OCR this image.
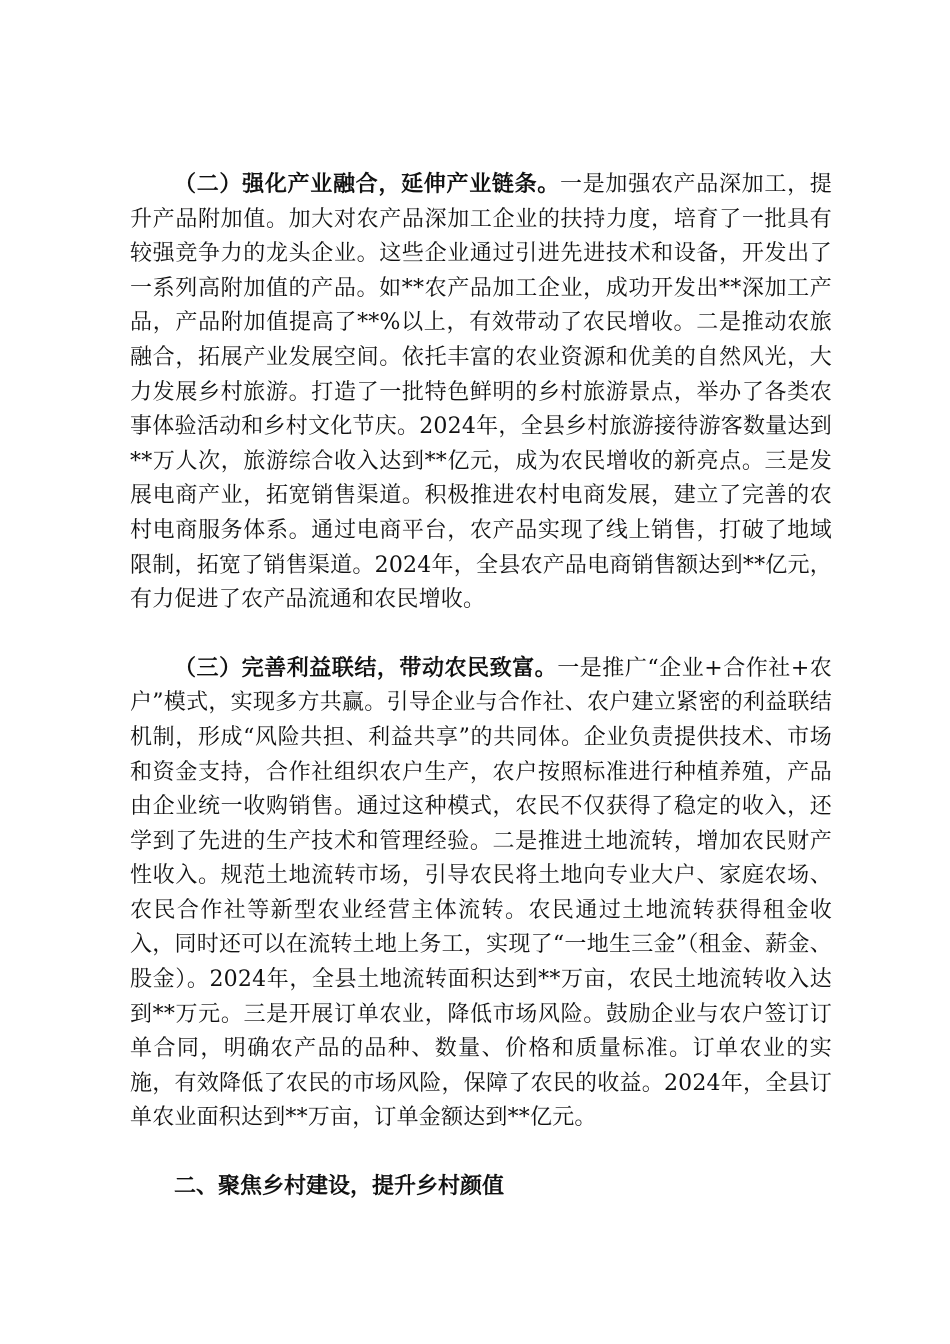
（二）强化产业融合，延伸产业链条。一是加强农产品深加工，提升产品附加值。加大对农产品深加工企业的扶持力度，培育了一批具有较强竞争力的龙头企业。这些企业通过引进先进技术和设备，开发出了一系列高附加值的产品。如**农产品加工企业，成功开发出**深加工产品，产品附加值提高了**%以上，有效带动了农民增收。二是推动农旅融合，拓展产业发展空间。依托丰富的农业资源和优美的自然风光，大力发展乡村旅游。打造了一批特色鲜明的乡村旅游景点，举办了各类农事体验活动和乡村文化节庆。2024年，全县乡村旅游接待游客数量达到**万人次，旅游综合收入达到**亿元，成为农民增收的新亮点。三是发展电商产业，拓宽销售渠道。积极推进农村电商发展，建立了完善的农村电商服务体系。通过电商平台，农产品实现了线上销售，打破了地域限制，拓宽了销售渠道。2024年，全县农产品电商销售额达到**亿元，有力促进了农产品流通和农民增收。

（三）完善利益联结，带动农民致富。一是推广“企业+合作社+农户”模式，实现多方共赢。引导企业与合作社、农户建立紧密的利益联结机制，形成“风险共担、利益共享”的共同体。企业负责提供技术、市场和资金支持，合作社组织农户生产，农户按照标准进行种植养殖，产品由企业统一收购销售。通过这种模式，农民不仅获得了稳定的收入，还学到了先进的生产技术和管理经验。二是推进土地流转，增加农民财产性收入。规范土地流转市场，引导农民将土地向专业大户、家庭农场、农民合作社等新型农业经营主体流转。农民通过土地流转获得租金收入，同时还可以在流转土地上务工，实现了“一地生三金”（租金、薪金、股金）。2024年，全县土地流转面积达到**万亩，农民土地流转收入达到**万元。三是开展订单农业，降低市场风险。鼓励企业与农户签订订单合同，明确农产品的品种、数量、价格和质量标准。订单农业的实施，有效降低了农民的市场风险，保障了农民的收益。2024年，全县订单农业面积达到**万亩，订单金额达到**亿元。

二、聚焦乡村建设，提升乡村颜值
